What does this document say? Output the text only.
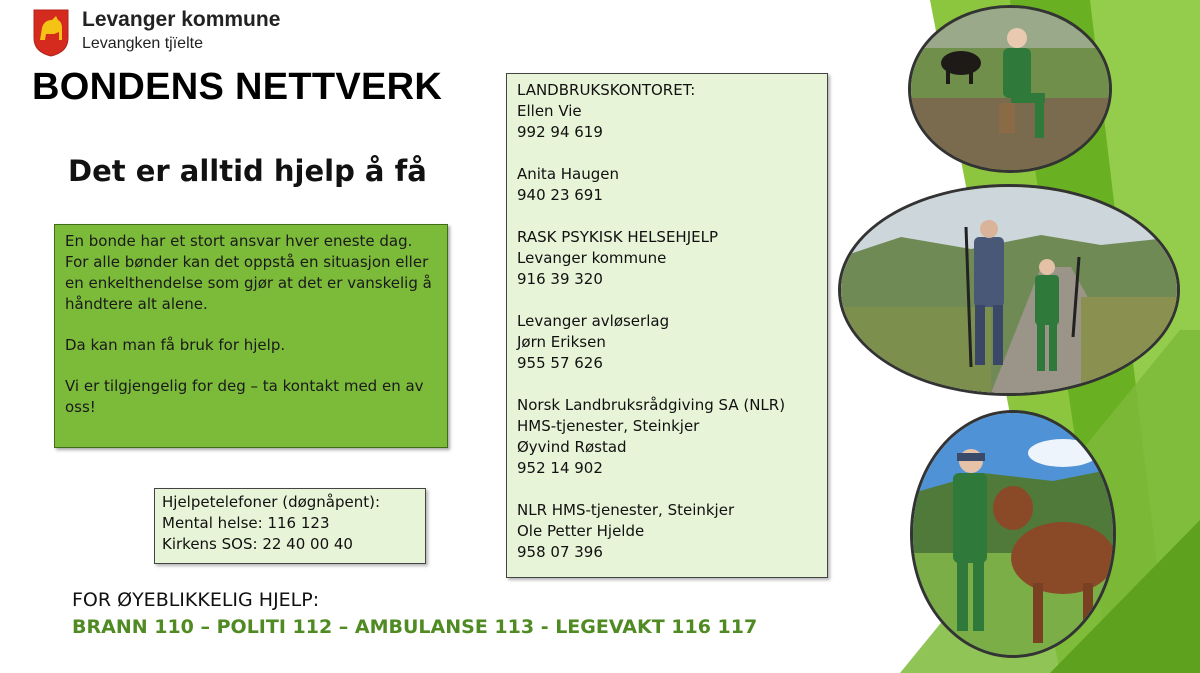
Levanger kommune
Levangken tjïelte
BONDENS NETTVERK
Det er alltid hjelp å få

En bonde har et stort ansvar hver eneste dag. For alle bønder kan det oppstå en situasjon eller en enkelthendelse som gjør at det er vanskelig å håndtere alt alene.

Da kan man få bruk for hjelp.

Vi er tilgjengelig for deg – ta kontakt med en av oss!

Hjelpetelefoner (døgnåpent):
Mental helse: 116 123
Kirkens SOS: 22 40 00 40
LANDBRUKSKONTORET:
Ellen Vie
992 94 619
Anita Haugen
940 23 691
RASK PSYKISK HELSEHJELP
Levanger kommune
916 39 320
Levanger avløserlag
Jørn Eriksen
955 57 626
Norsk Landbruksrådgiving SA (NLR)
HMS-tjenester, Steinkjer
Øyvind Røstad
952 14 902
NLR HMS-tjenester, Steinkjer
Ole Petter Hjelde
958 07 396
FOR ØYEBLIKKELIG HJELP:
BRANN 110 – POLITI 112 – AMBULANSE 113 - LEGEVAKT 116 117
